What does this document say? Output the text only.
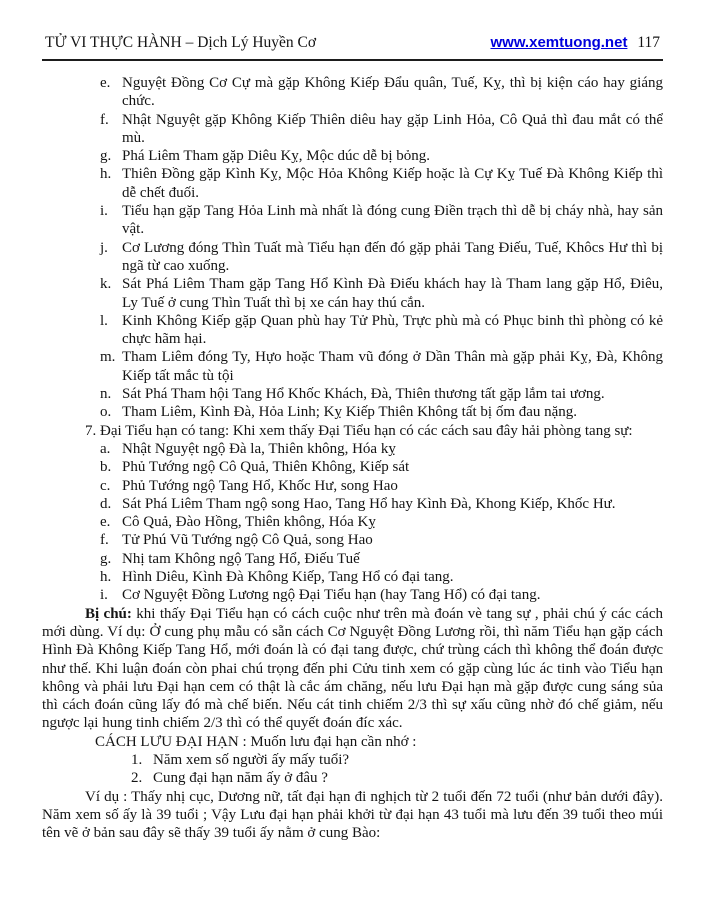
TỬ VI THỰC HÀNH – Dịch Lý Huyền Cơ	www.xemtuong.net 117
e. Nguyệt Đồng Cơ Cự mà gặp Không Kiếp Đẩu quân, Tuế, Kỵ, thì bị kiện cáo hay giáng chức.
f. Nhật Nguyệt gặp Không Kiếp Thiên diêu hay gặp Linh Hỏa, Cô Quả thì đau mắt có thể mù.
g. Phá Liêm Tham gặp Diêu Kỵ, Mộc dúc dễ bị bỏng.
h. Thiên Đồng gặp Kình Kỵ, Mộc Hỏa Không Kiếp hoặc là Cự Kỵ Tuế Đà Không Kiếp thì dễ chết đuối.
i. Tiểu hạn gặp Tang Hỏa Linh mà nhất là đóng cung Điền trạch thì dễ bị cháy nhà, hay sản vật.
j. Cơ Lương đóng Thìn Tuất mà Tiểu hạn đến đó gặp phải Tang Điếu, Tuế, Khôcs Hư thì bị ngã từ cao xuống.
k. Sát Phá Liêm Tham gặp Tang Hổ Kình Đà Điếu khách hay là Tham lang gặp Hổ, Điêu, Ly Tuế ở cung Thìn Tuất thì bị xe cán hay thú cắn.
l. Kinh Không Kiếp gặp Quan phù hay Tử Phù, Trực phù mà có Phục binh thì phòng có kẻ chực hãm hại.
m. Tham Liêm đóng Ty, Hựo hoặc Tham vũ đóng ở Dần Thân mà gặp phải Kỵ, Đà, Không Kiếp tất mắc tù tội
n. Sát Phá Tham hội Tang Hổ Khốc Khách, Đà, Thiên thương tất gặp lắm tai ương.
o. Tham Liêm, Kình Đà, Hỏa Linh; Kỵ Kiếp Thiên Không tất bị ốm đau nặng.

7. Đại Tiểu hạn có tang: Khi xem thấy Đại Tiểu hạn có các cách sau đây hải phòng tang sự:

a. Nhật Nguyệt ngộ Đà la, Thiên không, Hóa kỵ
b. Phủ Tướng ngộ Cô Quả, Thiên Không, Kiếp sát
c. Phủ Tướng ngộ Tang Hổ, Khốc Hư, song Hao
d. Sát Phá Liêm Tham ngộ song Hao, Tang Hổ hay Kình Đà, Khong Kiếp, Khốc Hư.
e. Cô Quả, Đào Hồng, Thiên không, Hóa Kỵ
f. Tử Phú Vũ Tướng ngộ Cô Quả, song Hao
g. Nhị tam Không ngộ Tang Hổ, Điếu Tuế
h. Hình Diêu, Kình Đà Không Kiếp, Tang Hổ có đại tang.
i. Cơ Nguyệt Đồng Lương ngộ Đại Tiểu hạn (hay Tang Hổ) có đại tang.

Bị chú: khi thấy Đại Tiểu hạn có cách cuộc như trên mà đoán vè tang sự , phải chú ý các cách mới dùng. Ví dụ: Ở cung phụ mẫu có sẵn cách Cơ Nguyệt Đồng Lương rồi, thì năm Tiểu hạn gặp cách Hình Đà Không Kiếp Tang Hổ, mới đoán là có đại tang được, chứ trùng cách thì không thể đoán được như thế. Khi luận đoán còn phai chú trọng đến phi Cửu tinh xem có gặp cùng lúc ác tinh vào Tiểu hạn không và phải lưu Đại hạn cem có thật là cắc ám chăng, nếu lưu Đại hạn mà gặp được cung sáng sủa thì cách đoán cũng lấy đó mà chế biến. Nếu cát tinh chiếm 2/3 thì sự xấu cũng nhờ đó chế giảm, nếu ngược lại hung tinh chiếm 2/3 thì có thể quyết đoán đíc xác.

CÁCH LƯU ĐẠI HẠN : Muốn lưu đại hạn cần nhớ :

1. Năm xem số người ấy mấy tuổi?
2. Cung đại hạn năm ấy ở đâu ?

Ví dụ : Thấy nhị cục, Dương nữ, tất đại hạn đi nghịch từ 2 tuổi đến 72 tuổi (như bản dưới đây). Năm xem số ấy là 39 tuổi ; Vậy Lưu đại hạn phải khởi từ đại hạn 43 tuổi mà lưu đến 39 tuổi theo múi tên vẽ ở bản sau đây sẽ thấy 39 tuổi ấy nằm ở cung Bào:
